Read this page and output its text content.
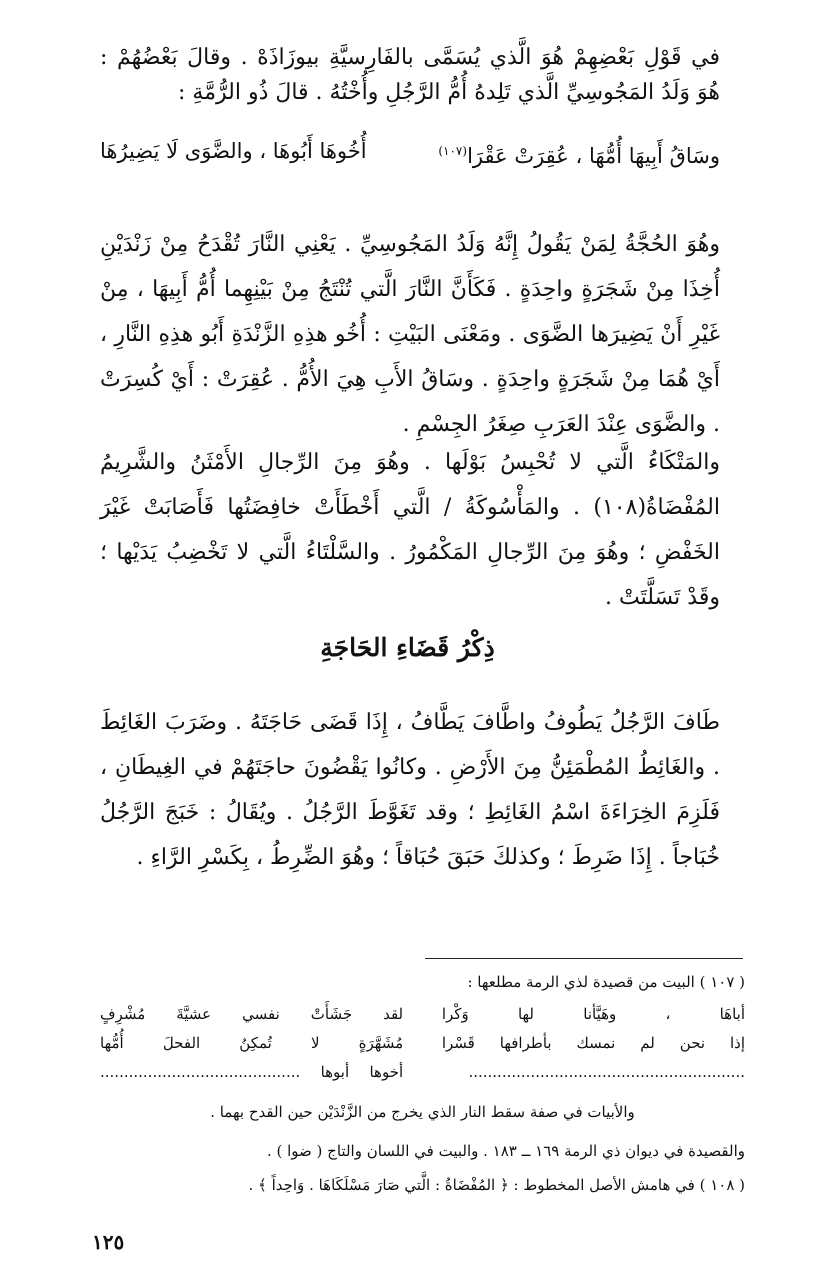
في قَوْلِ بَعْضِهِمْ هُوَ الَّذي يُسَمَّى بالفَارِسيَّةِ بيوزَاذَهْ . وقالَ بَعْضُهُمْ : هُوَ وَلَدُ المَجُوسِيِّ الَّذي تَلِدهُ أُمُّ الرَّجُلِ وأُخْتُهُ . قالَ ذُو الرُّمَّةِ :
أُخُوهَا أَبُوهَا ، والضَّوَى لَا يَضِيرُهَا	وسَاقُ أَبِيهَا أُمُّهَا ، عُقِرَتْ عَقْرَا$^{(١٠٧)}$
وهُوَ الحُجَّةُ لِمَنْ يَقُولُ إِنَّهُ وَلَدُ المَجُوسِيِّ . يَعْنِي النَّارَ تُقْدَحُ مِنْ زَنْدَيْنِ أُخِذَا مِنْ شَجَرَةٍ واحِدَةٍ . فَكَأَنَّ النَّارَ الَّتي تُنْتَجُ مِنْ بَيْنِهِما أُمُّ أَبِيهَا ، مِنْ غَيْرِ أَنْ يَضِيرَها الضَّوَى . ومَعْنَى البَيْتِ : أُخُو هذِهِ الزَّنْدَةِ أَبُو هذِهِ النَّارِ ، أَيْ هُمَا مِنْ شَجَرَةٍ واحِدَةٍ . وسَاقُ الأَبِ هِيَ الأُمُّ . عُقِرَتْ : أَيْ كُسِرَتْ . والضَّوَى عِنْدَ العَرَبِ صِغَرُ الجِسْمِ .
والمَتْكَاءُ الَّتي لا تُحْبِسُ بَوْلَها . وهُوَ مِنَ الرِّجالِ الأَمْثَنُ والشَّرِيمُ المُفْضَاةُ(١٠٨) . والمَأْسُوكَةُ / الَّتي أَخْطَأَتْ خافِضَتُها فَأَصَابَتْ غَيْرَ الخَفْضِ ؛ وهُوَ مِنَ الرِّجالِ المَكْمُورُ . والسَّلْتَاءُ الَّتي لا تَخْضِبُ يَدَيْها ؛ وقَدْ تَسَلَّتَتْ .
ذِكْرُ قَضَاءِ الحَاجَةِ
طَافَ الرَّجُلُ يَطُوفُ واطَّافَ يَطَّافُ ، إِذَا قَضَى حَاجَتَهُ . وضَرَبَ الغَائِطَ . والغَائِطُ المُطْمَئِنُّ مِنَ الأَرْضِ . وكانُوا يَقْضُونَ حاجَتَهُمْ في الغِيطَانِ ، فَلَزِمَ الخِرَاءَةَ اسْمُ الغَائِطِ ؛ وقد تَغَوَّطَ الرَّجُلُ . ويُقَالُ : خَبَجَ الرَّجُلُ خُبَاجاً . إِذَا ضَرِطَ ؛ وكذلكَ حَبَقَ حُبَاقاً ؛ وهُوَ الضِّرِطُ ، بِكَسْرِ الرَّاءِ .
( ١٠٧ ) البيت من قصيدة لذي الرمة مطلعها :
لقد جَشَأَتْ نفسي عشيَّةَ مُشْرِفٍ	أباهَا ، وهَيَّأنا لها وَكْرا
مُشَهَّرَةٍ لا تُمكِنُ الفحلَ أُمُّها	إذا نحن لم نمسك بأطرافها قَسْرا
أخوها أبوها ..........................................	..........................................................
والأبيات في صفة سقط النار الذي يخرج من الزَّنْدَيْن حين القدح بهما .
والقصيدة في ديوان ذي الرمة ١٦٩ ــ ١٨٣ . والبيت في اللسان والتاج ( ضوا ) .
( ١٠٨ ) في هامش الأصل المخطوط : ﴿ المُفْضَاةُ : الَّتي صَارَ مَسْلَكَاهَا . وَاحِداً ﴾ .
١٢٥
